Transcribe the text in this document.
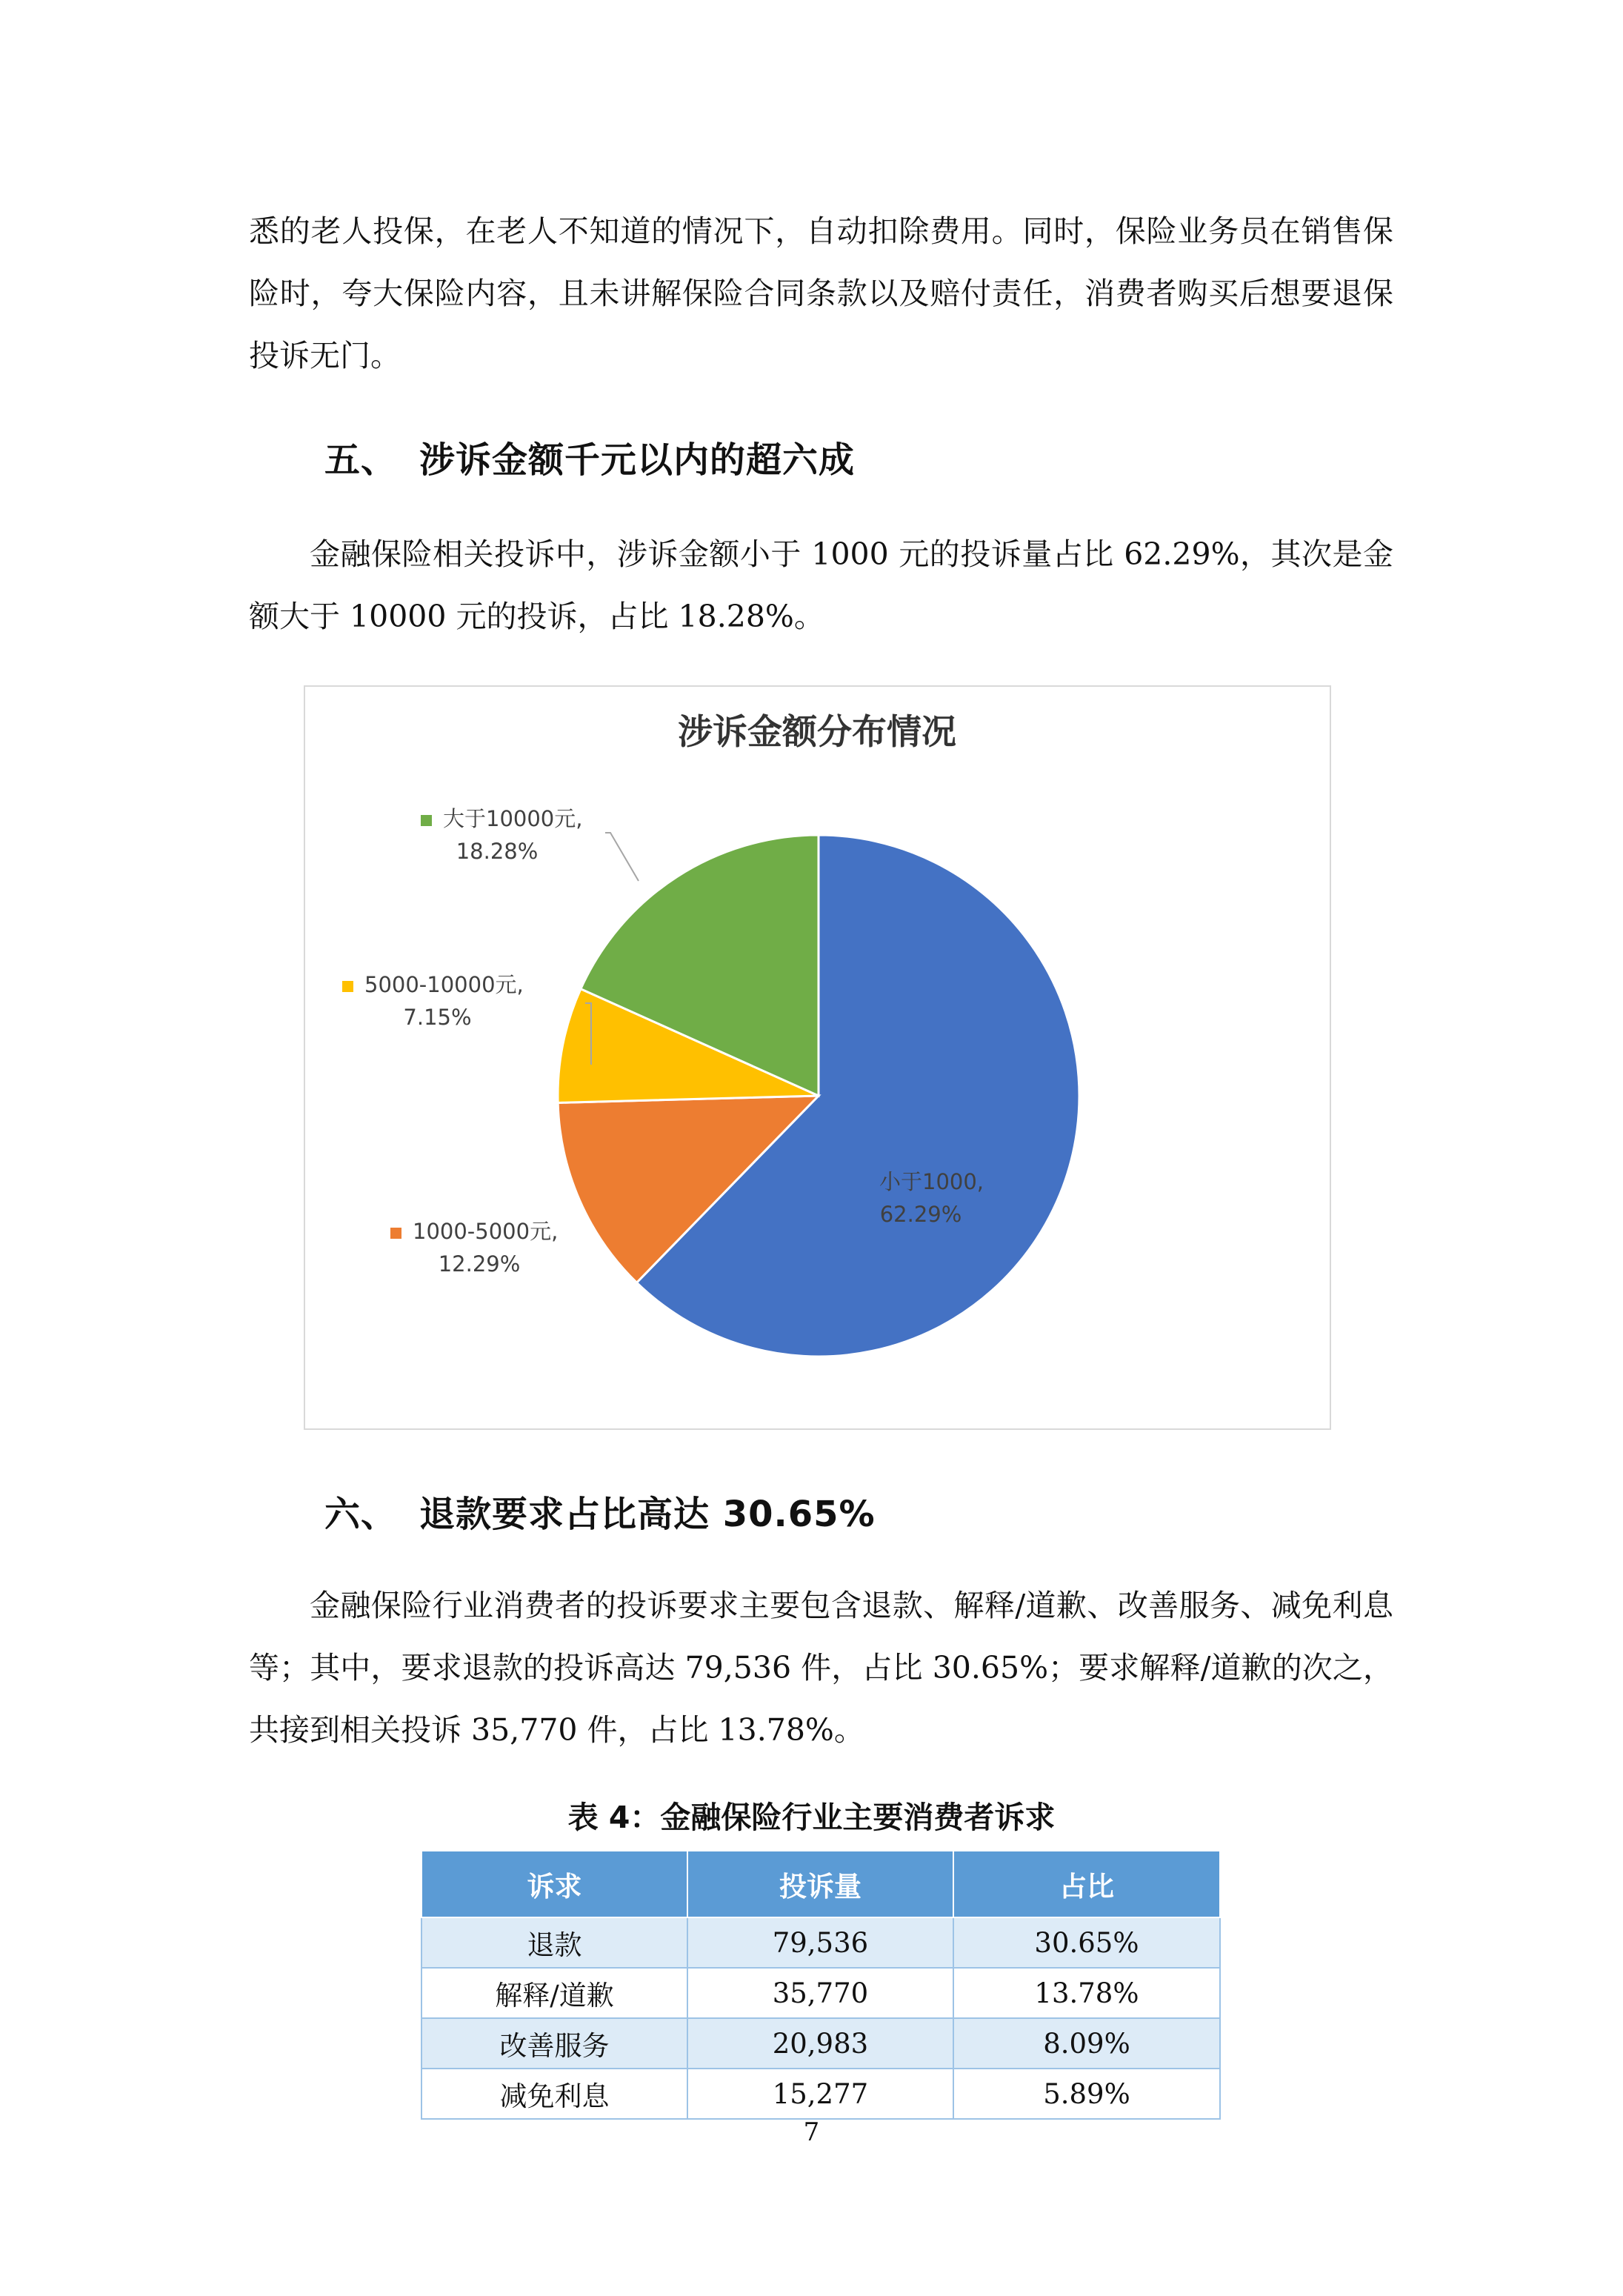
悉的老人投保，在老人不知道的情况下，自动扣除费用。同时，保险业务员在销售保险时，夸大保险内容，且未讲解保险合同条款以及赔付责任，消费者购买后想要退保投诉无门。

五、 涉诉金额千元以内的超六成

金融保险相关投诉中，涉诉金额小于 1000 元的投诉量占比 62.29%，其次是金额大于 10000 元的投诉，占比 18.28%。

涉诉金额分布情况
小于1000,
62.29%
1000-5000元,
12.29%
5000-10000元,
7.15%
大于10000元,
18.28%
六、 退款要求占比高达 30.65%

金融保险行业消费者的投诉要求主要包含退款、解释/道歉、改善服务、减免利息等；其中，要求退款的投诉高达 79,536 件，占比 30.65%；要求解释/道歉的次之，共接到相关投诉 35,770 件，占比 13.78%。

表 4：金融保险行业主要消费者诉求
诉求	投诉量	占比
退款	79,536	30.65%
解释/道歉	35,770	13.78%
改善服务	20,983	8.09%
减免利息	15,277	5.89%
7
